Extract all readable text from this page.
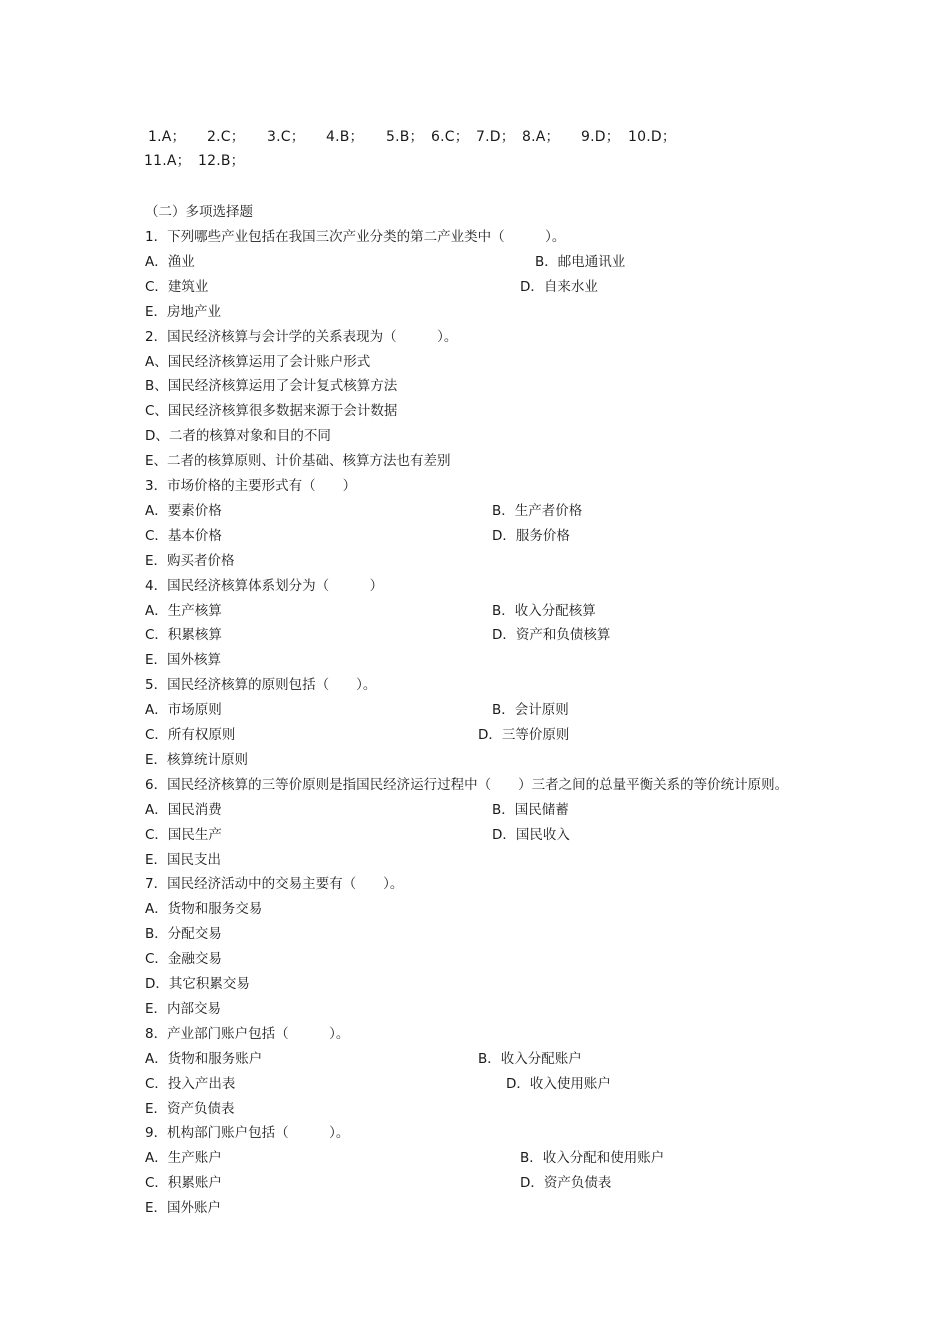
1.A； 2.C； 3.C； 4.B； 5.B； 6.C； 7.D； 8.A； 9.D； 10.D；
11.A； 12.B；
（二）多项选择题
1．下列哪些产业包括在我国三次产业分类的第二产业类中（　　　）。
A．渔业	B．邮电通讯业
C．建筑业	D．自来水业
E．房地产业
2．国民经济核算与会计学的关系表现为（　　　）。
A、国民经济核算运用了会计账户形式
B、国民经济核算运用了会计复式核算方法
C、国民经济核算很多数据来源于会计数据
D、二者的核算对象和目的不同
E、二者的核算原则、计价基础、核算方法也有差别
3．市场价格的主要形式有（　　）
A．要素价格	B．生产者价格
C．基本价格	D．服务价格
E．购买者价格
4．国民经济核算体系划分为（　　　）
A．生产核算	B．收入分配核算
C．积累核算	D．资产和负债核算
E．国外核算
5．国民经济核算的原则包括（　　）。
A．市场原则	B．会计原则
C．所有权原则	D．三等价原则
E．核算统计原则
6．国民经济核算的三等价原则是指国民经济运行过程中（　　）三者之间的总量平衡关系的等价统计原则。
A．国民消费	B．国民储蓄
C．国民生产	D．国民收入
E．国民支出
7．国民经济活动中的交易主要有（　　）。
A．货物和服务交易
B．分配交易
C．金融交易
D．其它积累交易
E．内部交易
8．产业部门账户包括（　　　）。
A．货物和服务账户	B．收入分配账户
C．投入产出表	D．收入使用账户
E．资产负债表
9．机构部门账户包括（　　　）。
A．生产账户	B．收入分配和使用账户
C．积累账户	D．资产负债表
E．国外账户
